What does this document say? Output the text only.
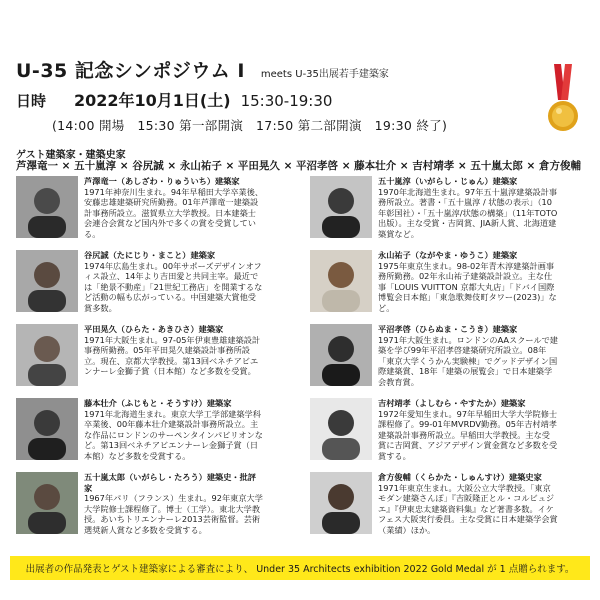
U-35 記念シンポジウム Ⅰ meets U-35出展若手建築家
日時	2022年10月1日(土) 15:30-19:30
(14:00 開場　15:30 第一部開演　17:50 第二部開演　19:30 終了)
ゲスト建築家・建築史家
芦澤竜一 × 五十嵐淳 × 谷尻誠 × 永山祐子 × 平田晃久 × 平沼孝啓 × 藤本壮介 × 吉村靖孝 × 五十嵐太郎 × 倉方俊輔
芦澤竜一（あしざわ・りゅういち）建築家
1971年神奈川生まれ。94年早稲田大学卒業後、安藤忠雄建築研究所勤務。01年芦澤竜一建築設計事務所設立。滋賀県立大学教授。日本建築士会連合会賞など国内外で多くの賞を受賞している。
谷尻誠（たにじり・まこと）建築家
1974年広島生まれ。00年サポーズデザインオフィス設立、14年より吉田愛と共同主宰。最近では「絶景不動産」「21世紀工務店」を開業するなど活動の幅も広がっている。中国建築大賞他受賞多数。
平田晃久（ひらた・あきひさ）建築家
1971年大阪生まれ。97-05年伊東豊雄建築設計事務所勤務。05年平田晃久建築設計事務所設立。現在、京都大学教授。第13回ベネチアビエンナーレ金獅子賞（日本館）など多数を受賞。
藤本壮介（ふじもと・そうすけ）建築家
1971年北海道生まれ。東京大学工学部建築学科卒業後、00年藤本壮介建築設計事務所設立。主な作品にロンドンのサーペンタインパビリオンなど。第13回ベネチアビエンナーレ金獅子賞（日本館）など多数を受賞する。
五十嵐太郎（いがらし・たろう）建築史・批評家
1967年パリ（フランス）生まれ。92年東京大学大学院修士課程修了。博士（工学）。東北大学教授。あいちトリエンナーレ2013芸術監督。芸術選奨新人賞など多数を受賞する。
五十嵐淳（いがらし・じゅん）建築家
1970年北海道生まれ。97年五十嵐淳建築設計事務所設立。著書・「五十嵐淳 / 状態の表示」（10年彰国社）・「五十嵐淳/状態の構築」（11年TOTO出版）。主な受賞・吉岡賞、JIA新人賞、北海道建築賞など。
永山祐子（ながやま・ゆうこ）建築家
1975年東京生まれ。98-02年青木淳建築計画事務所勤務。02年永山祐子建築設計設立。主な仕事「LOUIS VUITTON 京都大丸店」「ドバイ国際博覧会日本館」「東急歌舞伎町タワー(2023)」など。
平沼孝啓（ひらぬま・こうき）建築家
1971年大阪生まれ。ロンドンのAAスクールで建築を学び99年平沼孝啓建築研究所設立。08年「東京大学くうかん実験棟」でグッドデザイン国際建築賞、18年「建築の展覧会」で日本建築学会教育賞。
吉村靖孝（よしむら・やすたか）建築家
1972年愛知生まれ。97年早稲田大学大学院修士課程修了。99-01年MVRDV勤務。05年吉村靖孝建築設計事務所設立。早稲田大学教授。主な受賞に吉岡賞、アジアデザイン賞金賞など多数を受賞する。
倉方俊輔（くらかた・しゅんすけ）建築史家
1971年東京生まれ。大阪公立大学教授。「東京モダン建築さんぽ」『吉阪隆正とル・コルビュジエ』『伊東忠太建築資料集』など著書多数。イケフェス大阪実行委員。主な受賞に日本建築学会賞（業績）ほか。
出展者の作品発表とゲスト建築家による審査により、 Under 35 Architects exhibition 2022 Gold Medal が 1 点贈られます。
